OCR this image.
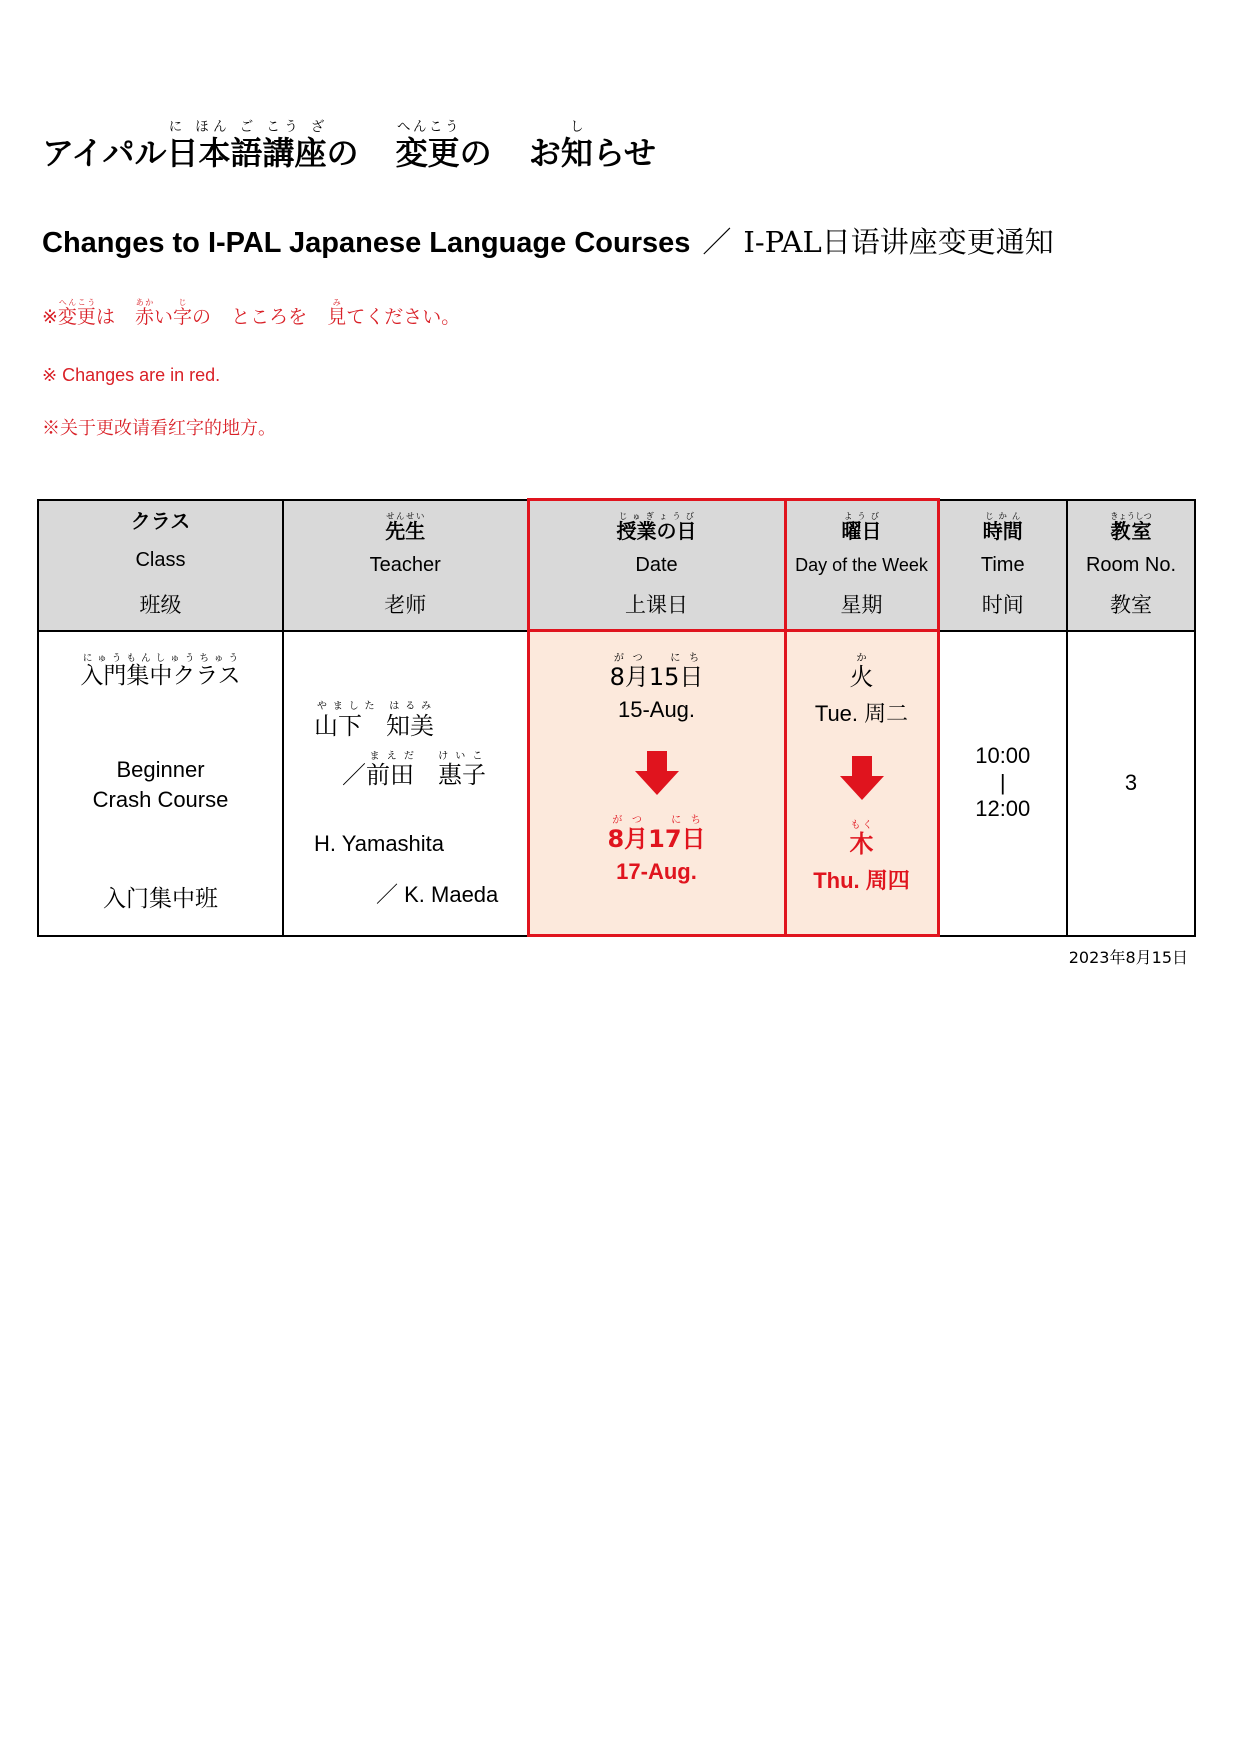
アイパル日本語講座に ほん ご こう ざの 変更へんこうの お知しらせ
Changes to I-PAL Japanese Language Courses ／ I-PAL日语讲座变更通知
※変更へんこうは 赤あかい字じの ところを 見みてください。
※ Changes are in red.
※关于更改请看红字的地方。
クラス
Class
班级	先生せんせい
Teacher
老师	授業の日じゅぎょうび
Date
上课日	曜日ようび
Day of the Week
星期	時間じかん
Time
时间	教室きょうしつ
Room No.
教室

入門集中クラスにゅうもんしゅうちゅう
Beginner
Crash Course
入门集中班	山下　知美やました はるみ
／前田　惠子まえだ　けいこ
H. Yamashita
／ K. Maeda	8月15日がつ　にち
15-Aug.
8月17日がつ　にち
17-Aug.	火か
Tue. 周二
木もく
Thu. 周四	10:00
|
12:00	3
2023年8月15日
